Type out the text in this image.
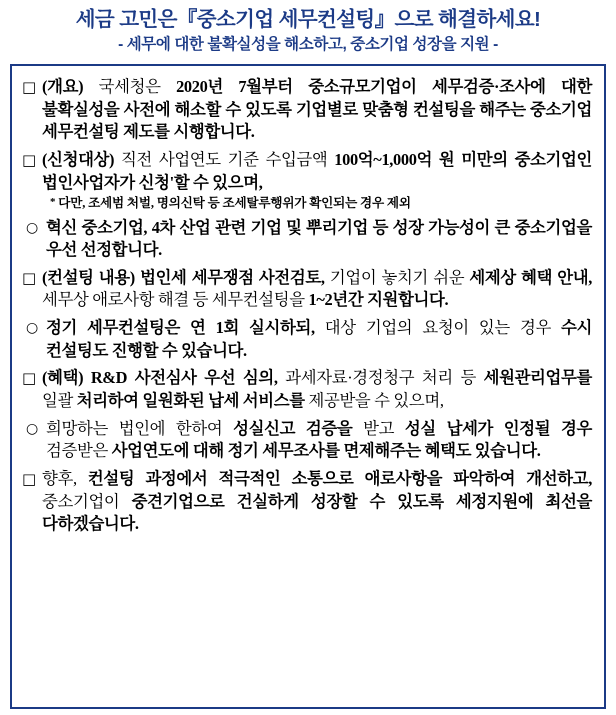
세금 고민은『중소기업 세무컨설팅』으로 해결하세요!
- 세무에 대한 불확실성을 해소하고, 중소기업 성장을 지원 -
□ (개요) 국세청은 2020년 7월부터 중소규모기업이 세무검증·조사에 대한 불확실성을 사전에 해소할 수 있도록 기업별로 맞춤형 컨설팅을 해주는 중소기업 세무컨설팅 제도를 시행합니다.
□ (신청대상) 직전 사업연도 기준 수입금액 100억~1,000억 원 미만의 중소기업인 법인사업자가 신청'할 수 있으며,
* 다만, 조세범 처벌, 명의신탁 등 조세탈루행위가 확인되는 경우 제외
○ 혁신 중소기업, 4차 산업 관련 기업 및 뿌리기업 등 성장 가능성이 큰 중소기업을 우선 선정합니다.
□ (컨설팅 내용) 법인세 세무쟁점 사전검토, 기업이 놓치기 쉬운 세제상 혜택 안내, 세무상 애로사항 해결 등 세무컨설팅을 1~2년간 지원합니다.
○ 정기 세무컨설팅은 연 1회 실시하되, 대상 기업의 요청이 있는 경우 수시 컨설팅도 진행할 수 있습니다.
□ (혜택) R&D 사전심사 우선 심의, 과세자료·경정청구 처리 등 세원관리업무를 일괄 처리하여 일원화된 납세 서비스를 제공받을 수 있으며,
○ 희망하는 법인에 한하여 성실신고 검증을 받고 성실 납세가 인정될 경우 검증받은 사업연도에 대해 정기 세무조사를 면제해주는 혜택도 있습니다.
□ 향후, 컨설팅 과정에서 적극적인 소통으로 애로사항을 파악하여 개선하고, 중소기업이 중견기업으로 건실하게 성장할 수 있도록 세정지원에 최선을 다하겠습니다.
